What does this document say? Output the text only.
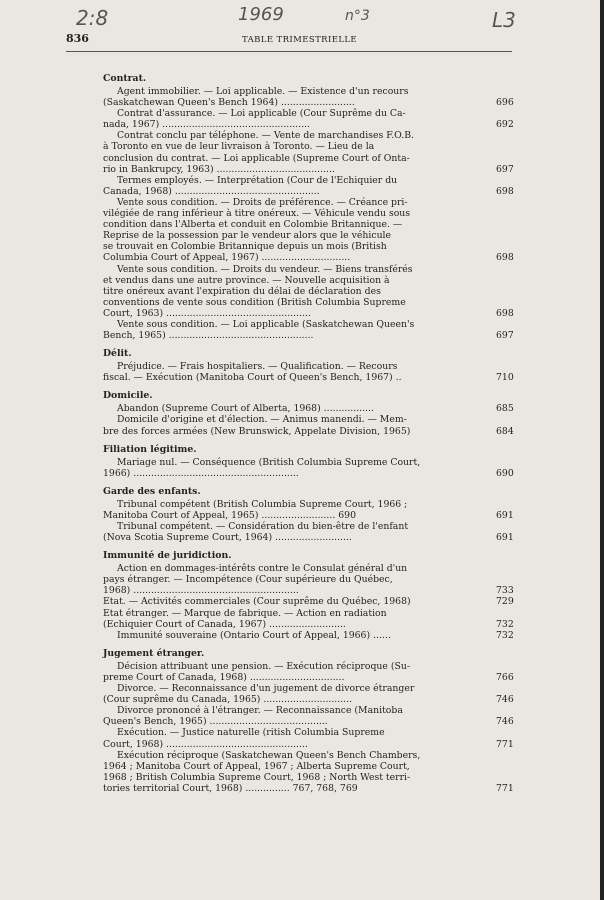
2:8	1969	n°3	L3
836	TABLE TRIMESTRIELLE
Contrat.
Agent immobilier. — Loi applicable. — Existence d'un recours
(Saskatchewan Queen's Bench 1964) .........................	696
Contrat d'assurance. — Loi applicable (Cour Suprême du Ca-
nada, 1967) ..................................................	692
Contrat conclu par téléphone. — Vente de marchandises F.O.B.
à Toronto en vue de leur livraison à Toronto. — Lieu de la
conclusion du contrat. — Loi applicable (Supreme Court of Onta-
rio in Bankrupcy, 1963) ........................................	697
Termes employés. — Interprétation (Cour de l'Echiquier du
Canada, 1968) .................................................	698
Vente sous condition. — Droits de préférence. — Créance pri-
vilégiée de rang inférieur à titre onéreux. — Véhicule vendu sous
condition dans l'Alberta et conduit en Colombie Britannique. —
Reprise de la possession par le vendeur alors que le véhicule
se trouvait en Colombie Britannique depuis un mois (British
Columbia Court of Appeal, 1967) ..............................	698
Vente sous condition. — Droits du vendeur. — Biens transférés
et vendus dans une autre province. — Nouvelle acquisition à
titre onéreux avant l'expiration du délai de déclaration des
conventions de vente sous condition (British Columbia Supreme
Court, 1963) .................................................	698
Vente sous condition. — Loi applicable (Saskatchewan Queen's
Bench, 1965) .................................................	697
Délit.
Préjudice. — Frais hospitaliers. — Qualification. — Recours
fiscal. — Exécution (Manitoba Court of Queen's Bench, 1967) ..	710
Domicile.
Abandon (Supreme Court of Alberta, 1968) .................	685
Domicile d'origine et d'élection. — Animus manendi. — Mem-
bre des forces armées (New Brunswick, Appelate Division, 1965)	684
Filiation légitime.
Mariage nul. — Conséquence (British Columbia Supreme Court,
1966) ........................................................	690
Garde des enfants.
Tribunal compétent (British Columbia Supreme Court, 1966 ;
Manitoba Court of Appeal, 1965) ......................... 690	691
Tribunal compétent. — Considération du bien-être de l'enfant
(Nova Scotia Supreme Court, 1964) ..........................	691
Immunité de juridiction.
Action en dommages-intérêts contre le Consulat général d'un
pays étranger. — Incompétence (Cour supérieure du Québec,
1968) ........................................................	733
Etat. — Activités commerciales (Cour suprême du Québec, 1968)	729
Etat étranger. — Marque de fabrique. — Action en radiation
(Echiquier Court of Canada, 1967) ..........................	732
Immunité souveraine (Ontario Court of Appeal, 1966) ......	732
Jugement étranger.
Décision attribuant une pension. — Exécution réciproque (Su-
preme Court of Canada, 1968) ................................	766
Divorce. — Reconnaissance d'un jugement de divorce étranger
(Cour suprême du Canada, 1965) ..............................	746
Divorce prononcé à l'étranger. — Reconnaissance (Manitoba
Queen's Bench, 1965) ........................................	746
Exécution. — Justice naturelle (ritish Columbia Supreme
Court, 1968) ................................................	771
Exécution réciproque (Saskatchewan Queen's Bench Chambers,
1964 ; Manitoba Court of Appeal, 1967 ; Alberta Supreme Court,
1968 ; British Columbia Supreme Court, 1968 ; North West terri-
tories territorial Court, 1968) ............... 767, 768, 769	771
